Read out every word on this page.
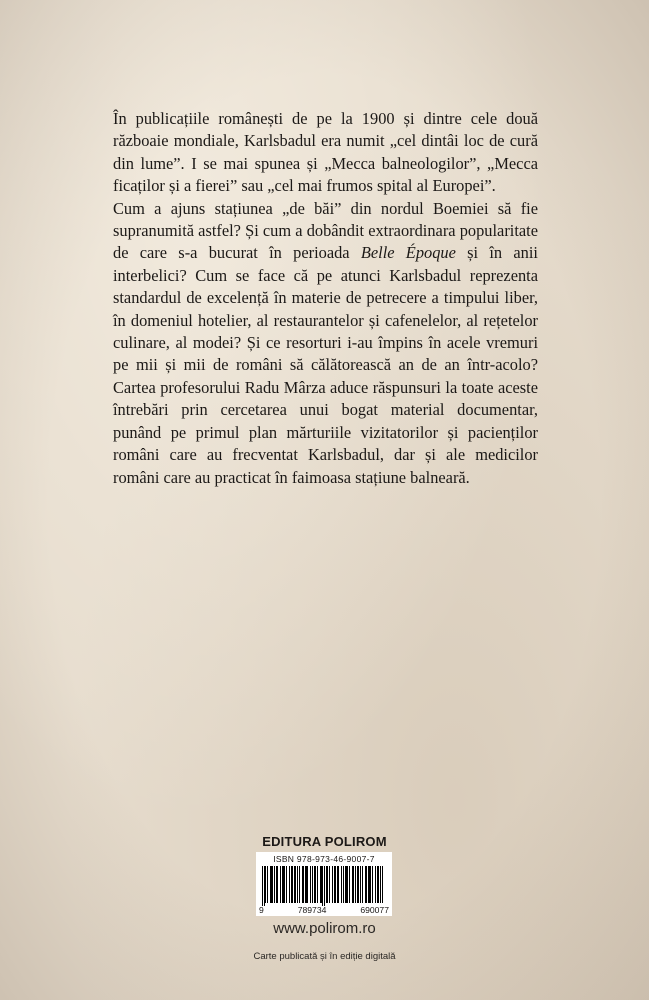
În publicațiile românești de pe la 1900 și dintre cele două războaie mondiale, Karlsbadul era numit „cel dintâi loc de cură din lume”. I se mai spunea și „Mecca balneologilor”, „Mecca ficaților și a fierei” sau „cel mai frumos spital al Europei”.

Cum a ajuns stațiunea „de băi” din nordul Boemiei să fie supranumită astfel? Și cum a dobândit extraordinara popularitate de care s-a bucurat în perioada Belle Époque și în anii interbelici? Cum se face că pe atunci Karlsbadul reprezenta standardul de excelență în materie de petrecere a timpului liber, în domeniul hotelier, al restaurantelor și cafenelelor, al rețetelor culinare, al modei? Și ce resorturi i-au împins în acele vremuri pe mii și mii de români să călătorească an de an într-acolo? Cartea profesorului Radu Mârza aduce răspunsuri la toate aceste întrebări prin cercetarea unui bogat material documentar, punând pe primul plan mărturiile vizitatorilor și pacienților români care au frecventat Karlsbadul, dar și ale medicilor români care au practicat în faimoasa stațiune balneară.

EDITURA POLIROM
ISBN 978-973-46-9007-7
9	789734	690077
www.polirom.ro
Carte publicată și în ediție digitală
